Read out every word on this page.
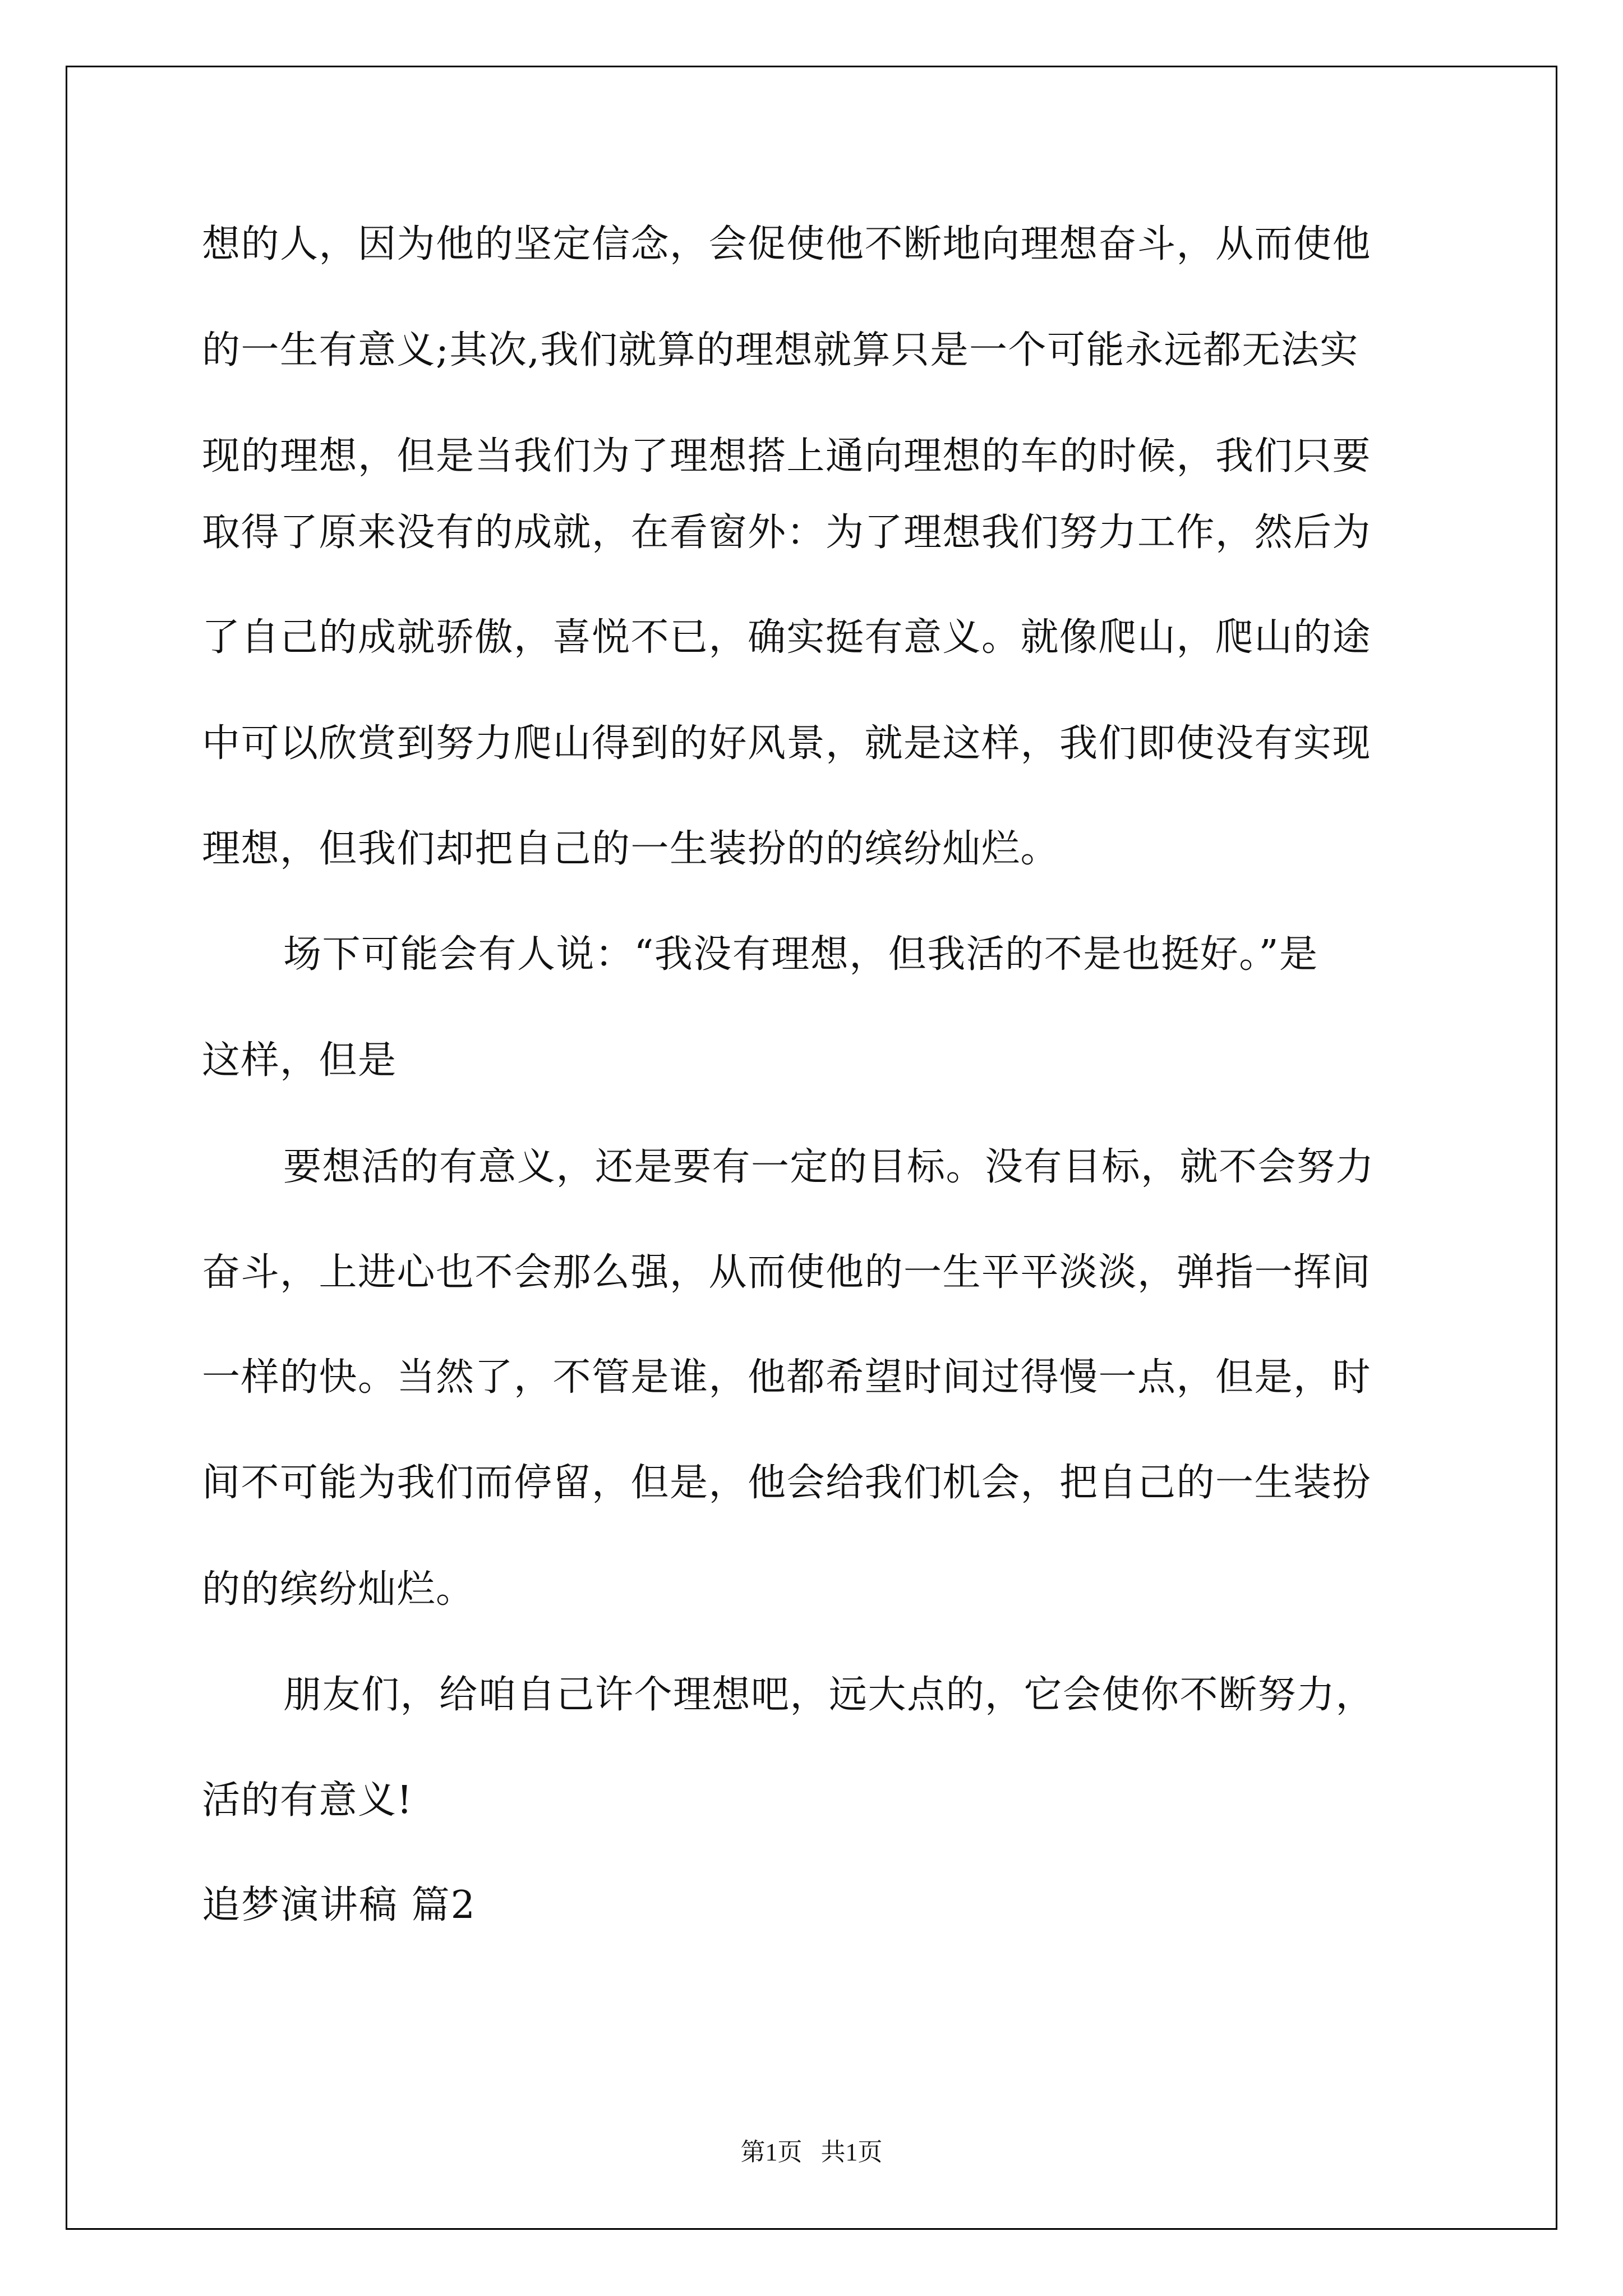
想的人，因为他的坚定信念，会促使他不断地向理想奋斗，从而使他
的一生有意义;其次,我们就算的理想就算只是一个可能永远都无法实
现的理想，但是当我们为了理想搭上通向理想的车的时候，我们只要
取得了原来没有的成就，在看窗外：为了理想我们努力工作，然后为
了自己的成就骄傲，喜悦不已，确实挺有意义。就像爬山，爬山的途
中可以欣赏到努力爬山得到的好风景，就是这样，我们即使没有实现
理想，但我们却把自己的一生装扮的的缤纷灿烂。
场下可能会有人说：“我没有理想，但我活的不是也挺好。”是
这样，但是
要想活的有意义，还是要有一定的目标。没有目标，就不会努力
奋斗，上进心也不会那么强，从而使他的一生平平淡淡，弹指一挥间
一样的快。当然了，不管是谁，他都希望时间过得慢一点，但是，时
间不可能为我们而停留，但是，他会给我们机会，把自己的一生装扮
的的缤纷灿烂。
朋友们，给咱自己许个理想吧，远大点的，它会使你不断努力，
活的有意义!
追梦演讲稿 篇2
第1页   共1页
